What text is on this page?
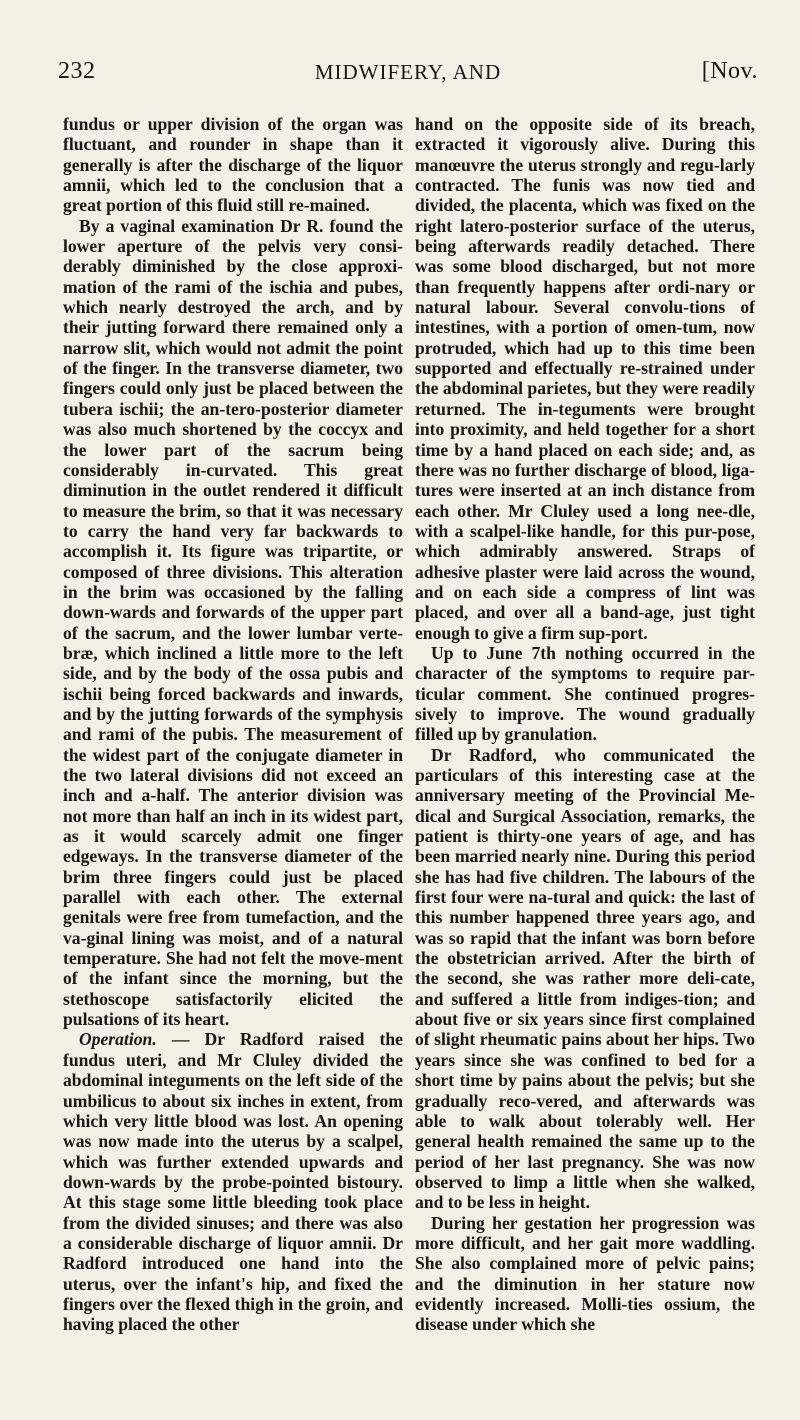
232	MIDWIFERY, AND	[Nov.

fundus or upper division of the organ was fluctuant, and rounder in shape than it generally is after the discharge of the liquor amnii, which led to the conclusion that a great portion of this fluid still re-mained.

By a vaginal examination Dr R. found the lower aperture of the pelvis very consi-derably diminished by the close approxi-mation of the rami of the ischia and pubes, which nearly destroyed the arch, and by their jutting forward there remained only a narrow slit, which would not admit the point of the finger. In the transverse diameter, two fingers could only just be placed between the tubera ischii; the an-tero-posterior diameter was also much shortened by the coccyx and the lower part of the sacrum being considerably in-curvated. This great diminution in the outlet rendered it difficult to measure the brim, so that it was necessary to carry the hand very far backwards to accomplish it. Its figure was tripartite, or composed of three divisions. This alteration in the brim was occasioned by the falling down-wards and forwards of the upper part of the sacrum, and the lower lumbar verte-bræ, which inclined a little more to the left side, and by the body of the ossa pubis and ischii being forced backwards and inwards, and by the jutting forwards of the symphysis and rami of the pubis. The measurement of the widest part of the conjugate diameter in the two lateral divisions did not exceed an inch and a-half. The anterior division was not more than half an inch in its widest part, as it would scarcely admit one finger edgeways. In the transverse diameter of the brim three fingers could just be placed parallel with each other. The external genitals were free from tumefaction, and the va-ginal lining was moist, and of a natural temperature. She had not felt the move-ment of the infant since the morning, but the stethoscope satisfactorily elicited the pulsations of its heart.

Operation. — Dr Radford raised the fundus uteri, and Mr Cluley divided the abdominal integuments on the left side of the umbilicus to about six inches in extent, from which very little blood was lost. An opening was now made into the uterus by a scalpel, which was further extended upwards and down-wards by the probe-pointed bistoury. At this stage some little bleeding took place from the divided sinuses; and there was also a considerable discharge of liquor amnii. Dr Radford introduced one hand into the uterus, over the infant's hip, and fixed the fingers over the flexed thigh in the groin, and having placed the other

hand on the opposite side of its breach, extracted it vigorously alive. During this manœuvre the uterus strongly and regu-larly contracted. The funis was now tied and divided, the placenta, which was fixed on the right latero-posterior surface of the uterus, being afterwards readily detached. There was some blood discharged, but not more than frequently happens after ordi-nary or natural labour. Several convolu-tions of intestines, with a portion of omen-tum, now protruded, which had up to this time been supported and effectually re-strained under the abdominal parietes, but they were readily returned. The in-teguments were brought into proximity, and held together for a short time by a hand placed on each side; and, as there was no further discharge of blood, liga-tures were inserted at an inch distance from each other. Mr Cluley used a long nee-dle, with a scalpel-like handle, for this pur-pose, which admirably answered. Straps of adhesive plaster were laid across the wound, and on each side a compress of lint was placed, and over all a band-age, just tight enough to give a firm sup-port.

Up to June 7th nothing occurred in the character of the symptoms to require par-ticular comment. She continued progres-sively to improve. The wound gradually filled up by granulation.

Dr Radford, who communicated the particulars of this interesting case at the anniversary meeting of the Provincial Me-dical and Surgical Association, remarks, the patient is thirty-one years of age, and has been married nearly nine. During this period she has had five children. The labours of the first four were na-tural and quick: the last of this number happened three years ago, and was so rapid that the infant was born before the obstetrician arrived. After the birth of the second, she was rather more deli-cate, and suffered a little from indiges-tion; and about five or six years since first complained of slight rheumatic pains about her hips. Two years since she was confined to bed for a short time by pains about the pelvis; but she gradually reco-vered, and afterwards was able to walk about tolerably well. Her general health remained the same up to the period of her last pregnancy. She was now observed to limp a little when she walked, and to be less in height.

During her gestation her progression was more difficult, and her gait more waddling. She also complained more of pelvic pains; and the diminution in her stature now evidently increased. Molli-ties ossium, the disease under which she
